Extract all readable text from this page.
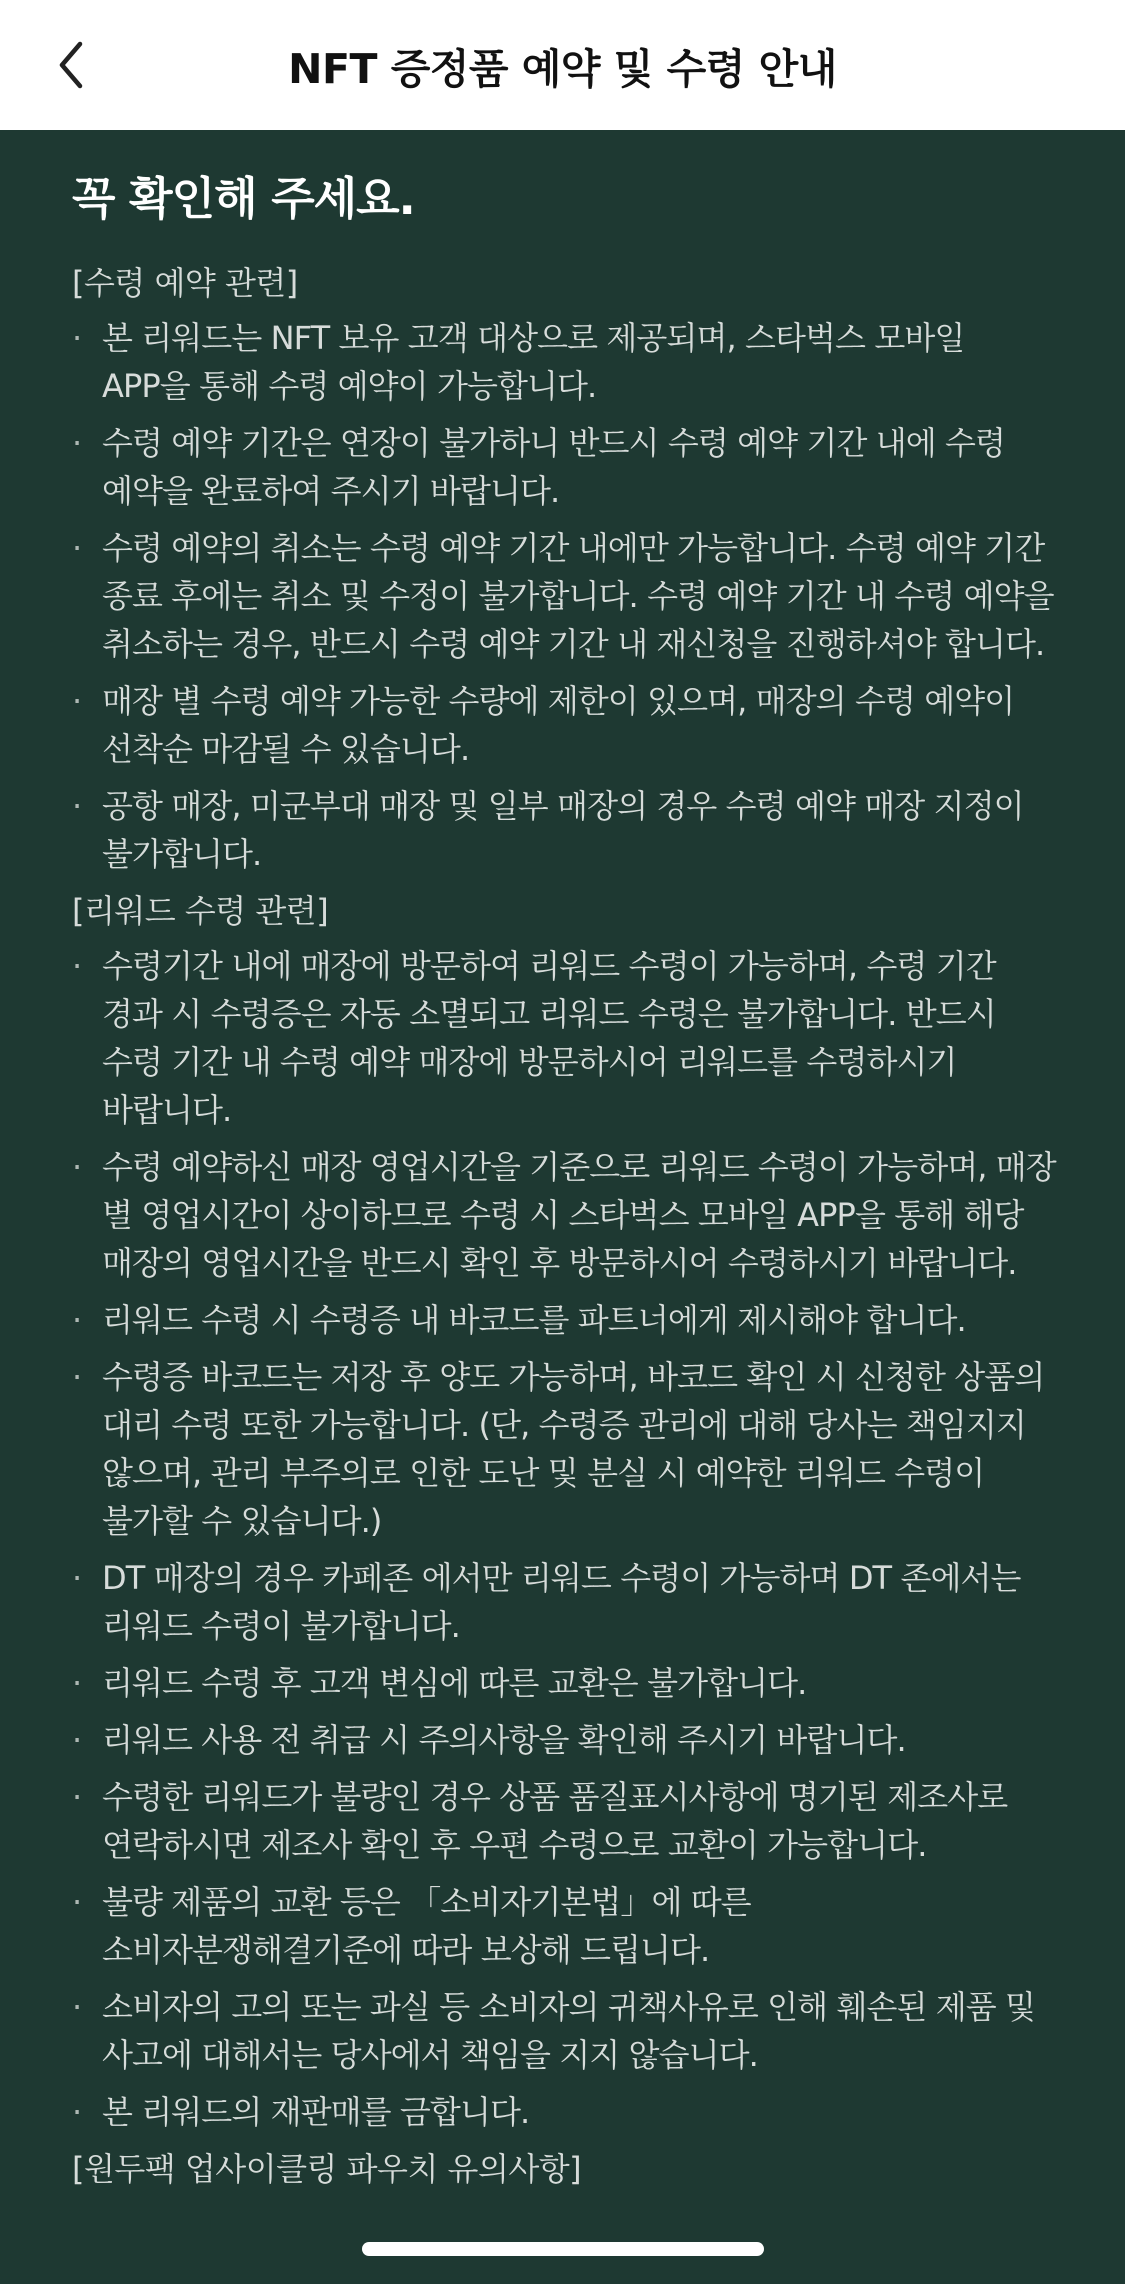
NFT 증정품 예약 및 수령 안내
꼭 확인해 주세요.
[수령 예약 관련]
· 본 리워드는 NFT 보유 고객 대상으로 제공되며, 스타벅스 모바일 APP을 통해 수령 예약이 가능합니다.
· 수령 예약 기간은 연장이 불가하니 반드시 수령 예약 기간 내에 수령 예약을 완료하여 주시기 바랍니다.
· 수령 예약의 취소는 수령 예약 기간 내에만 가능합니다. 수령 예약 기간 종료 후에는 취소 및 수정이 불가합니다. 수령 예약 기간 내 수령 예약을 취소하는 경우, 반드시 수령 예약 기간 내 재신청을 진행하셔야 합니다.
· 매장 별 수령 예약 가능한 수량에 제한이 있으며, 매장의 수령 예약이 선착순 마감될 수 있습니다.
· 공항 매장, 미군부대 매장 및 일부 매장의 경우 수령 예약 매장 지정이 불가합니다.
[리워드 수령 관련]
· 수령기간 내에 매장에 방문하여 리워드 수령이 가능하며, 수령 기간 경과 시 수령증은 자동 소멸되고 리워드 수령은 불가합니다. 반드시 수령 기간 내 수령 예약 매장에 방문하시어 리워드를 수령하시기 바랍니다.
· 수령 예약하신 매장 영업시간을 기준으로 리워드 수령이 가능하며, 매장 별 영업시간이 상이하므로 수령 시 스타벅스 모바일 APP을 통해 해당 매장의 영업시간을 반드시 확인 후 방문하시어 수령하시기 바랍니다.
· 리워드 수령 시 수령증 내 바코드를 파트너에게 제시해야 합니다.
· 수령증 바코드는 저장 후 양도 가능하며, 바코드 확인 시 신청한 상품의 대리 수령 또한 가능합니다. (단, 수령증 관리에 대해 당사는 책임지지 않으며, 관리 부주의로 인한 도난 및 분실 시 예약한 리워드 수령이 불가할 수 있습니다.)
· DT 매장의 경우 카페존 에서만 리워드 수령이 가능하며 DT 존에서는 리워드 수령이 불가합니다.
· 리워드 수령 후 고객 변심에 따른 교환은 불가합니다.
· 리워드 사용 전 취급 시 주의사항을 확인해 주시기 바랍니다.
· 수령한 리워드가 불량인 경우 상품 품질표시사항에 명기된 제조사로 연락하시면 제조사 확인 후 우편 수령으로 교환이 가능합니다.
· 불량 제품의 교환 등은 「소비자기본법」에 따른 소비자분쟁해결기준에 따라 보상해 드립니다.
· 소비자의 고의 또는 과실 등 소비자의 귀책사유로 인해 훼손된 제품 및 사고에 대해서는 당사에서 책임을 지지 않습니다.
· 본 리워드의 재판매를 금합니다.
[원두팩 업사이클링 파우치 유의사항]
